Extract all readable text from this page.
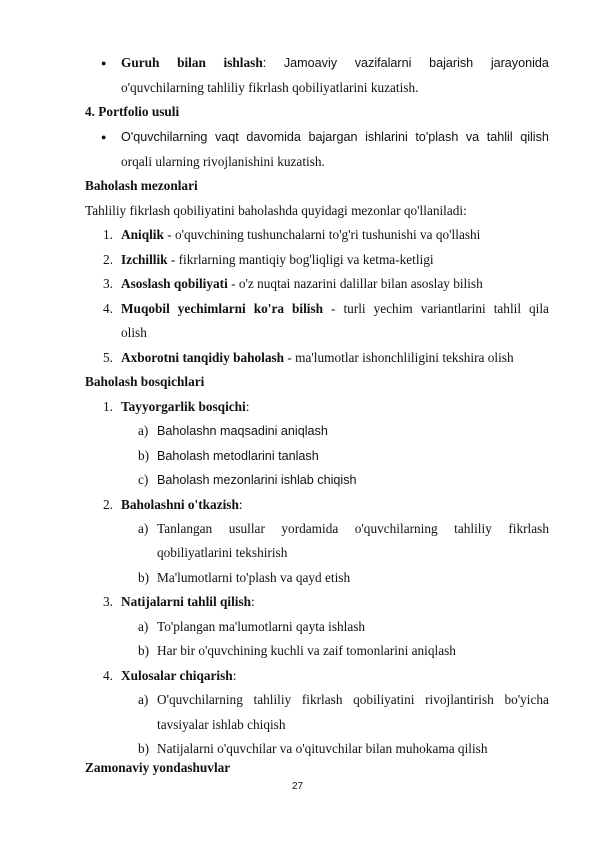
● Guruh bilan ishlash: Jamoaviy vazifalarni bajarish jarayonida
o'quvchilarning tahliliy fikrlash qobiliyatlarini kuzatish.
4. Portfolio usuli
● O'quvchilarning vaqt davomida bajargan ishlarini to'plash va tahlil qilish
orqali ularning rivojlanishini kuzatish.
Baholash mezonlari
Tahliliy fikrlash qobiliyatini baholashda quyidagi mezonlar qo'llaniladi:
1. Aniqlik - o'quvchining tushunchalarni to'g'ri tushunishi va qo'llashi
2. Izchillik - fikrlarning mantiqiy bog'liqligi va ketma-ketligi
3. Asoslash qobiliyati - o'z nuqtai nazarini dalillar bilan asoslay bilish
4. Muqobil yechimlarni ko'ra bilish - turli yechim variantlarini tahlil qila
olish
5. Axborotni tanqidiy baholash - ma'lumotlar ishonchliligini tekshira olish
Baholash bosqichlari
1. Tayyorgarlik bosqichi:
a) Baholashn maqsadini aniqlash
b) Baholash metodlarini tanlash
c) Baholash mezonlarini ishlab chiqish
2. Baholashni o'tkazish:
a) Tanlangan usullar yordamida o'quvchilarning tahliliy fikrlash
qobiliyatlarini tekshirish
b) Ma'lumotlarni to'plash va qayd etish
3. Natijalarni tahlil qilish:
a) To'plangan ma'lumotlarni qayta ishlash
b) Har bir o'quvchining kuchli va zaif tomonlarini aniqlash
4. Xulosalar chiqarish:
a) O'quvchilarning tahliliy fikrlash qobiliyatini rivojlantirish bo'yicha
tavsiyalar ishlab chiqish
b) Natijalarni o'quvchilar va o'qituvchilar bilan muhokama qilish
Zamonaviy yondashuvlar
27
